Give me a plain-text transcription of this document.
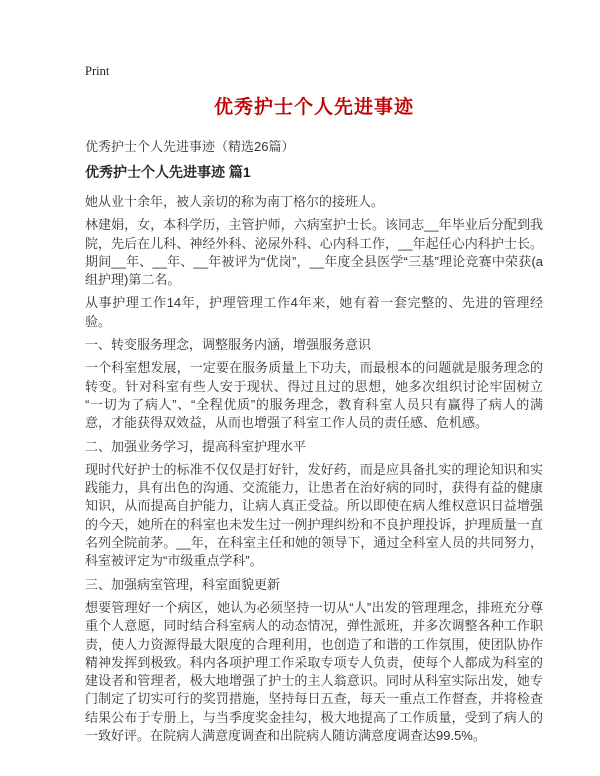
Print
优秀护士个人先进事迹

优秀护士个人先进事迹（精选26篇）

优秀护士个人先进事迹 篇1

她从业十余年，被人亲切的称为南丁格尔的接班人。

林建娟，女，本科学历，主管护师，六病室护士长。该同志__年毕业后分配到我院，先后在儿科、神经外科、泌尿外科、心内科工作，__年起任心内科护士长。期间__年、__年、__年被评为“优岗”，__年度全县医学“三基”理论竞赛中荣获(a组护理)第二名。

从事护理工作14年，护理管理工作4年来，她有着一套完整的、先进的管理经验。

一、转变服务理念，调整服务内涵，增强服务意识

一个科室想发展，一定要在服务质量上下功夫，而最根本的问题就是服务理念的转变。针对科室有些人安于现状、得过且过的思想，她多次组织讨论牢固树立“一切为了病人”、“全程优质”的服务理念，教育科室人员只有赢得了病人的满意，才能获得双效益，从而也增强了科室工作人员的责任感、危机感。

二、加强业务学习，提高科室护理水平

现时代好护士的标准不仅仅是打好针，发好药，而是应具备扎实的理论知识和实践能力，具有出色的沟通、交流能力，让患者在治好病的同时，获得有益的健康知识，从而提高自护能力，让病人真正受益。所以即使在病人维权意识日益增强的今天，她所在的科室也未发生过一例护理纠纷和不良护理投诉，护理质量一直名列全院前茅。__年，在科室主任和她的领导下，通过全科室人员的共同努力，科室被评定为“市级重点学科”。

三、加强病室管理，科室面貌更新

想要管理好一个病区，她认为必须坚持一切从“人”出发的管理理念，排班充分尊重个人意愿，同时结合科室病人的动态情况，弹性派班，并多次调整各种工作职责，使人力资源得最大限度的合理利用，也创造了和谐的工作氛围，使团队协作精神发挥到极致。科内各项护理工作采取专项专人负责，使每个人都成为科室的建设者和管理者，极大地增强了护士的主人翁意识。同时从科室实际出发，她专门制定了切实可行的奖罚措施，坚持每日五查，每天一重点工作督查，并将检查结果公布于专册上，与当季度奖金挂勾，极大地提高了工作质量，受到了病人的一致好评。在院病人满意度调查和出院病人随访满意度调查达99.5%。
